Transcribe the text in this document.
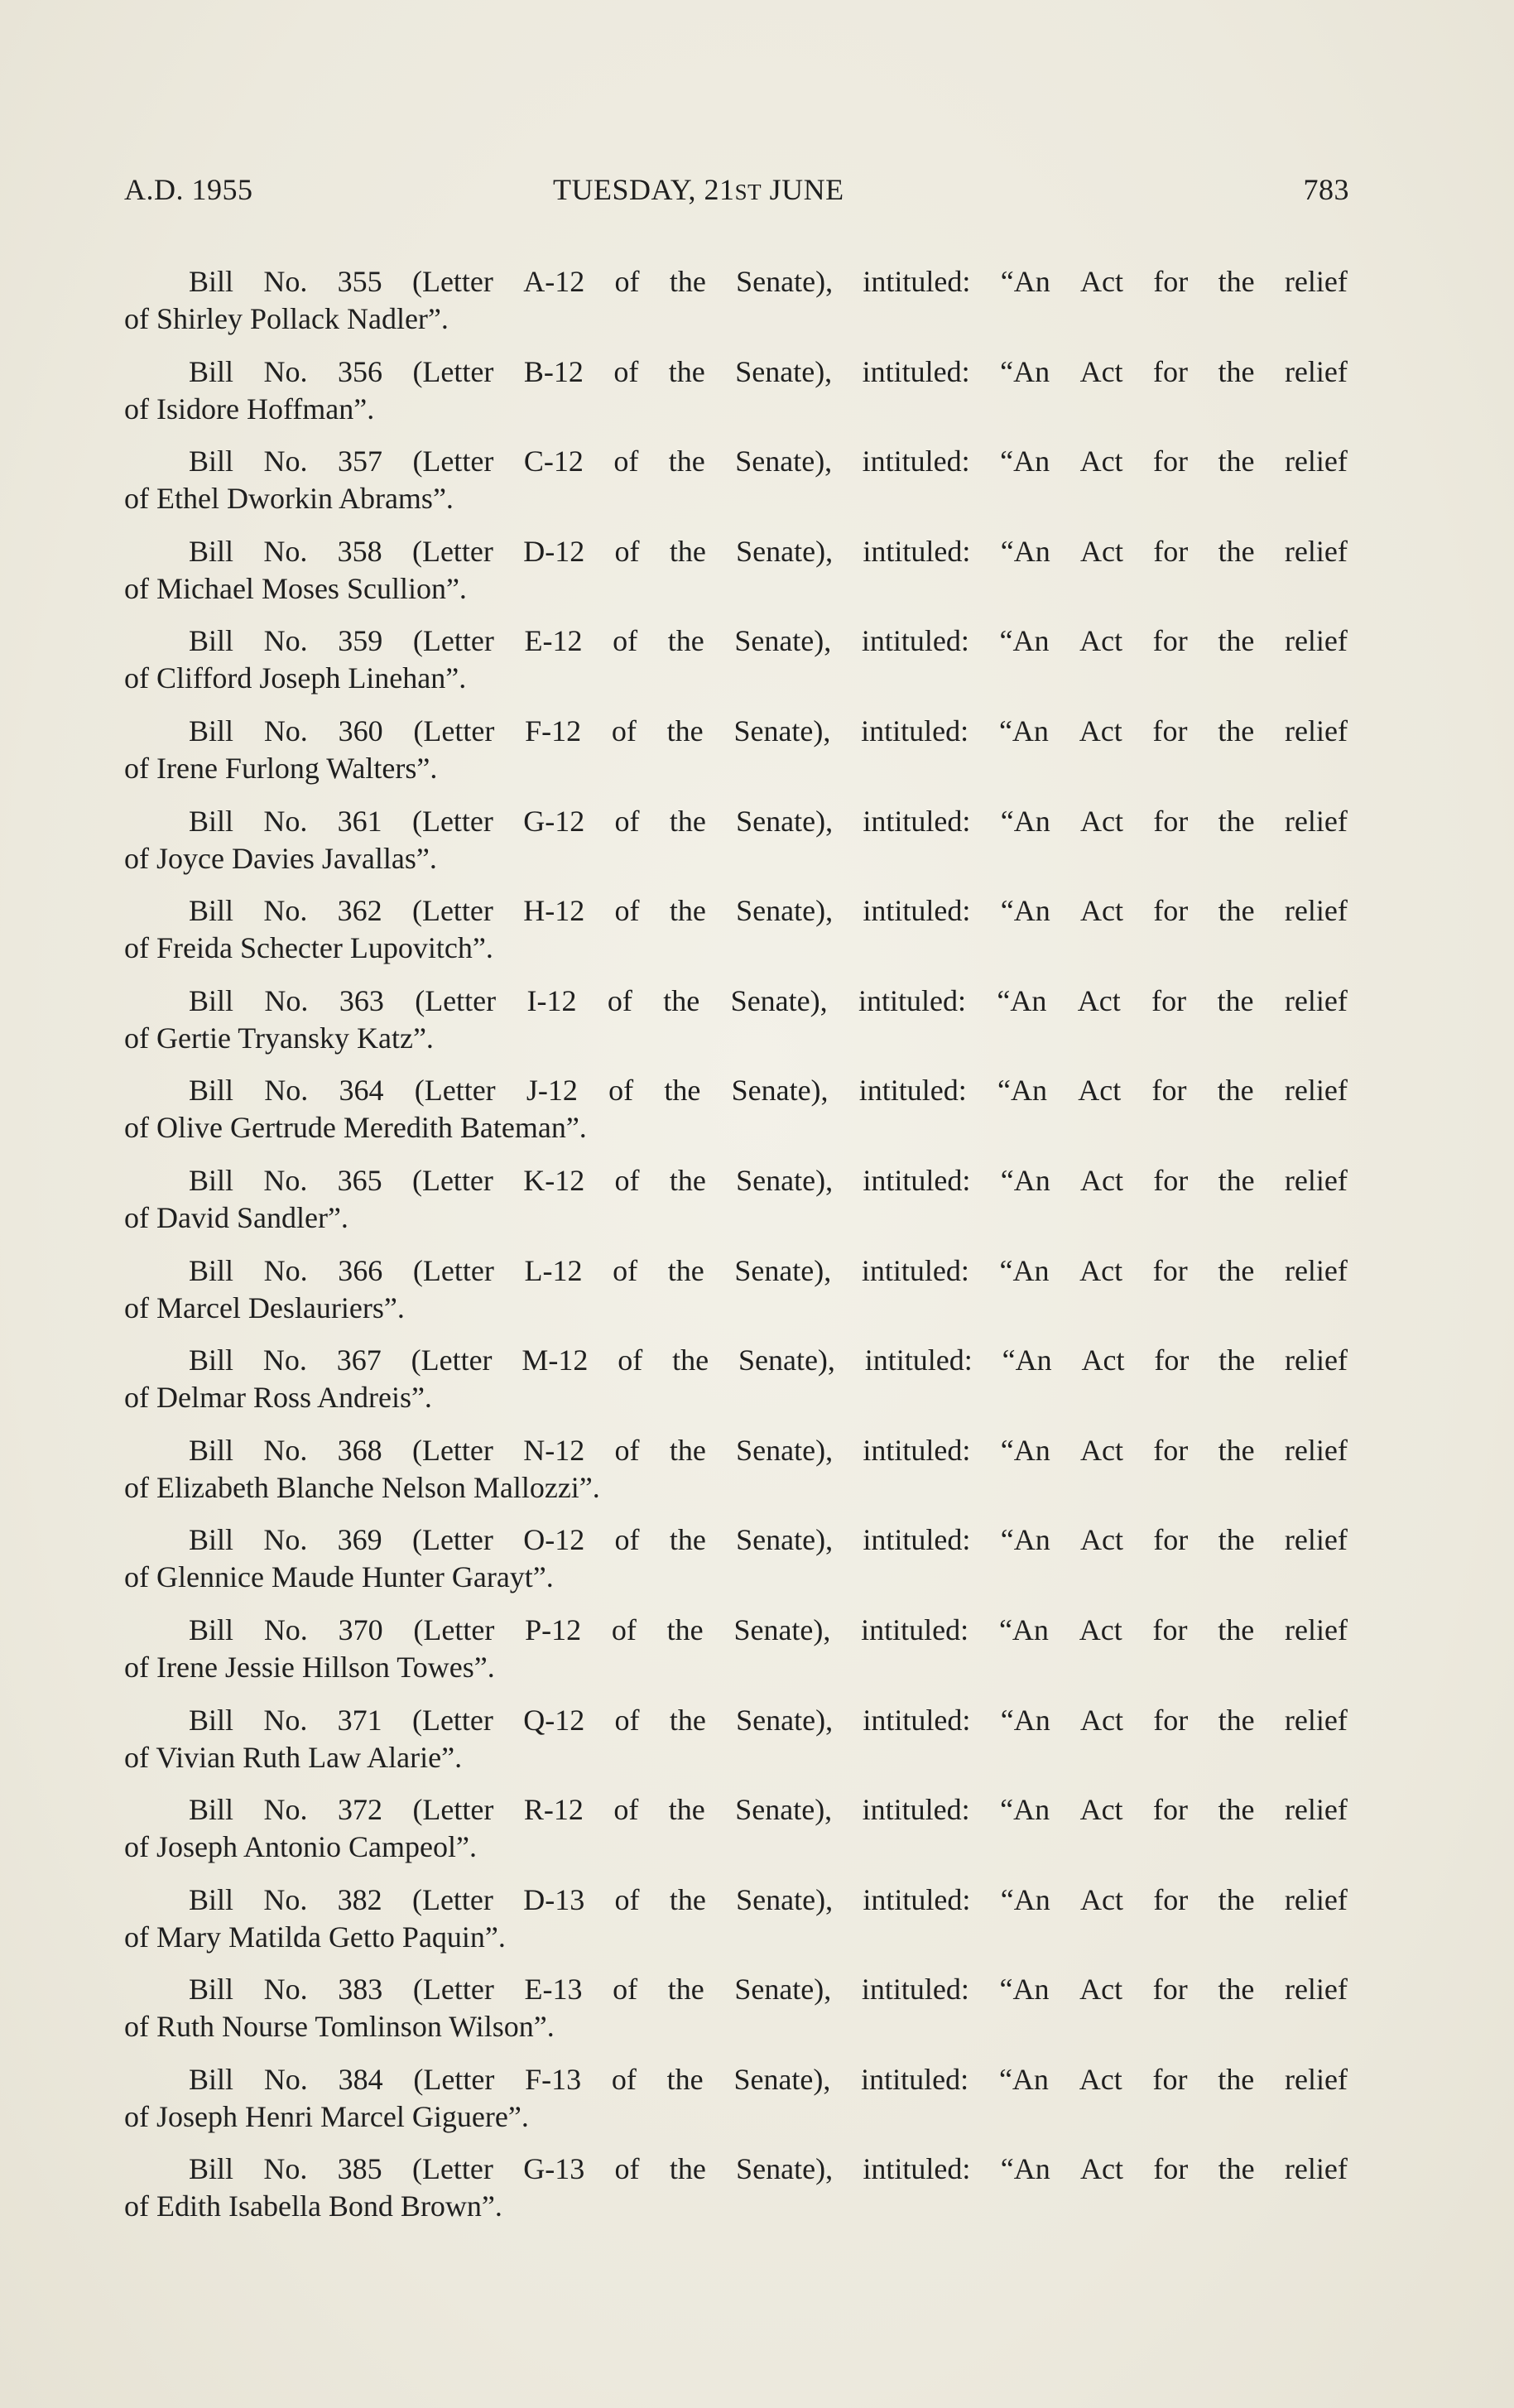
A.D. 1955	TUESDAY, 21ST JUNE	783
Bill No. 355 (Letter A-12 of the Senate), intituled: “An Act for the relief
of Shirley Pollack Nadler”.
Bill No. 356 (Letter B-12 of the Senate), intituled: “An Act for the relief
of Isidore Hoffman”.
Bill No. 357 (Letter C-12 of the Senate), intituled: “An Act for the relief
of Ethel Dworkin Abrams”.
Bill No. 358 (Letter D-12 of the Senate), intituled: “An Act for the relief
of Michael Moses Scullion”.
Bill No. 359 (Letter E-12 of the Senate), intituled: “An Act for the relief
of Clifford Joseph Linehan”.
Bill No. 360 (Letter F-12 of the Senate), intituled: “An Act for the relief
of Irene Furlong Walters”.
Bill No. 361 (Letter G-12 of the Senate), intituled: “An Act for the relief
of Joyce Davies Javallas”.
Bill No. 362 (Letter H-12 of the Senate), intituled: “An Act for the relief
of Freida Schecter Lupovitch”.
Bill No. 363 (Letter I-12 of the Senate), intituled: “An Act for the relief
of Gertie Tryansky Katz”.
Bill No. 364 (Letter J-12 of the Senate), intituled: “An Act for the relief
of Olive Gertrude Meredith Bateman”.
Bill No. 365 (Letter K-12 of the Senate), intituled: “An Act for the relief
of David Sandler”.
Bill No. 366 (Letter L-12 of the Senate), intituled: “An Act for the relief
of Marcel Deslauriers”.
Bill No. 367 (Letter M-12 of the Senate), intituled: “An Act for the relief
of Delmar Ross Andreis”.
Bill No. 368 (Letter N-12 of the Senate), intituled: “An Act for the relief
of Elizabeth Blanche Nelson Mallozzi”.
Bill No. 369 (Letter O-12 of the Senate), intituled: “An Act for the relief
of Glennice Maude Hunter Garayt”.
Bill No. 370 (Letter P-12 of the Senate), intituled: “An Act for the relief
of Irene Jessie Hillson Towes”.
Bill No. 371 (Letter Q-12 of the Senate), intituled: “An Act for the relief
of Vivian Ruth Law Alarie”.
Bill No. 372 (Letter R-12 of the Senate), intituled: “An Act for the relief
of Joseph Antonio Campeol”.
Bill No. 382 (Letter D-13 of the Senate), intituled: “An Act for the relief
of Mary Matilda Getto Paquin”.
Bill No. 383 (Letter E-13 of the Senate), intituled: “An Act for the relief
of Ruth Nourse Tomlinson Wilson”.
Bill No. 384 (Letter F-13 of the Senate), intituled: “An Act for the relief
of Joseph Henri Marcel Giguere”.
Bill No. 385 (Letter G-13 of the Senate), intituled: “An Act for the relief
of Edith Isabella Bond Brown”.
